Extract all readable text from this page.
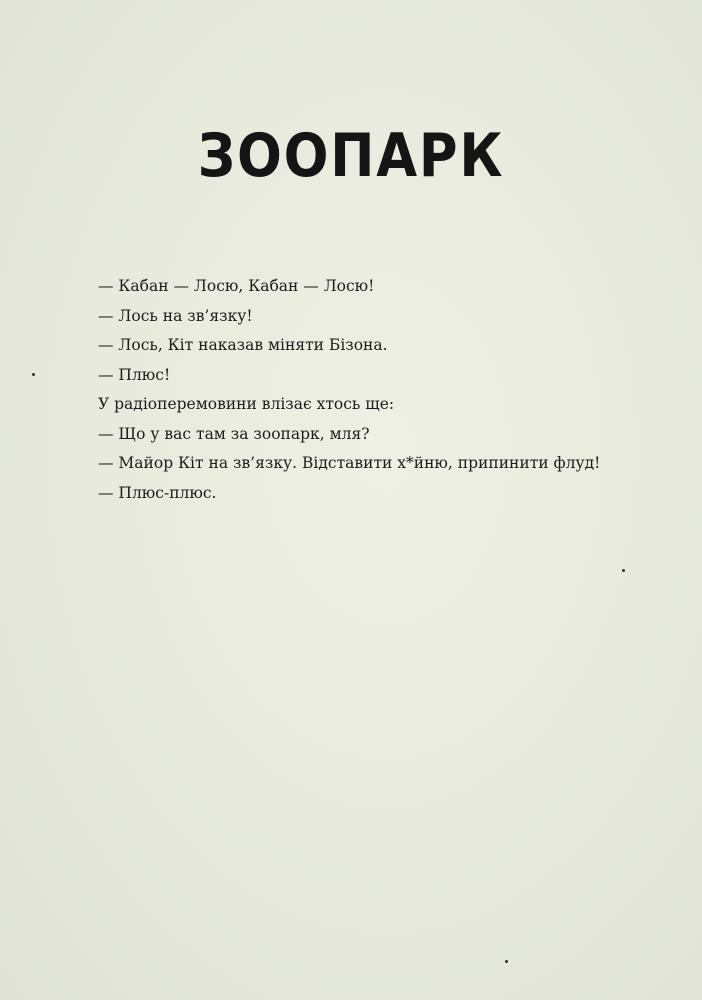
ЗООПАРК
— Кабан — Лосю, Кабан — Лосю!
— Лось на зв’язку!
— Лось, Кіт наказав міняти Бізона.
— Плюс!
У радіоперемовини влізає хтось ще:
— Що у вас там за зоопарк, мля?
— Майор Кіт на зв’язку. Відставити х*йню, припинити флуд!
— Плюс-плюс.
